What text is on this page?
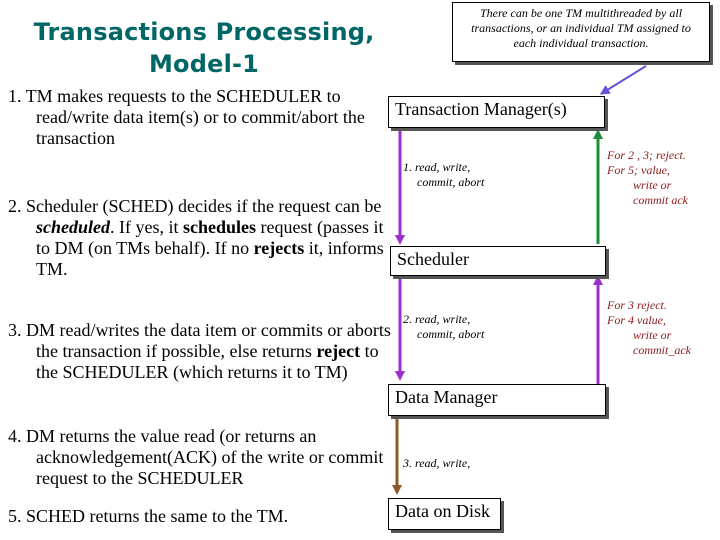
Transactions Processing,
Model-1
There can be one TM multithreaded by all transactions, or an individual TM assigned to each individual transaction.
1. TM makes requests to the SCHEDULER to read/write data item(s) or to commit/abort the transaction
2. Scheduler (SCHED) decides if the request can be scheduled. If yes, it schedules request (passes it to DM (on TMs behalf). If no rejects it, informs TM.
3. DM read/writes the data item or commits or aborts the transaction if possible, else returns reject to the SCHEDULER (which returns it to TM)
4. DM returns the value read (or returns an acknowledgement(ACK) of the write or commit request to the SCHEDULER
5. SCHED returns the same to the TM.
Transaction Manager(s)
Scheduler
Data Manager
Data on Disk
1. read, write,
commit, abort
2. read, write,
commit, abort
3. read, write,
For 2 , 3; reject.
For 5; value,
write or
commit ack
For 3 reject.
For 4 value,
write or
commit_ack
